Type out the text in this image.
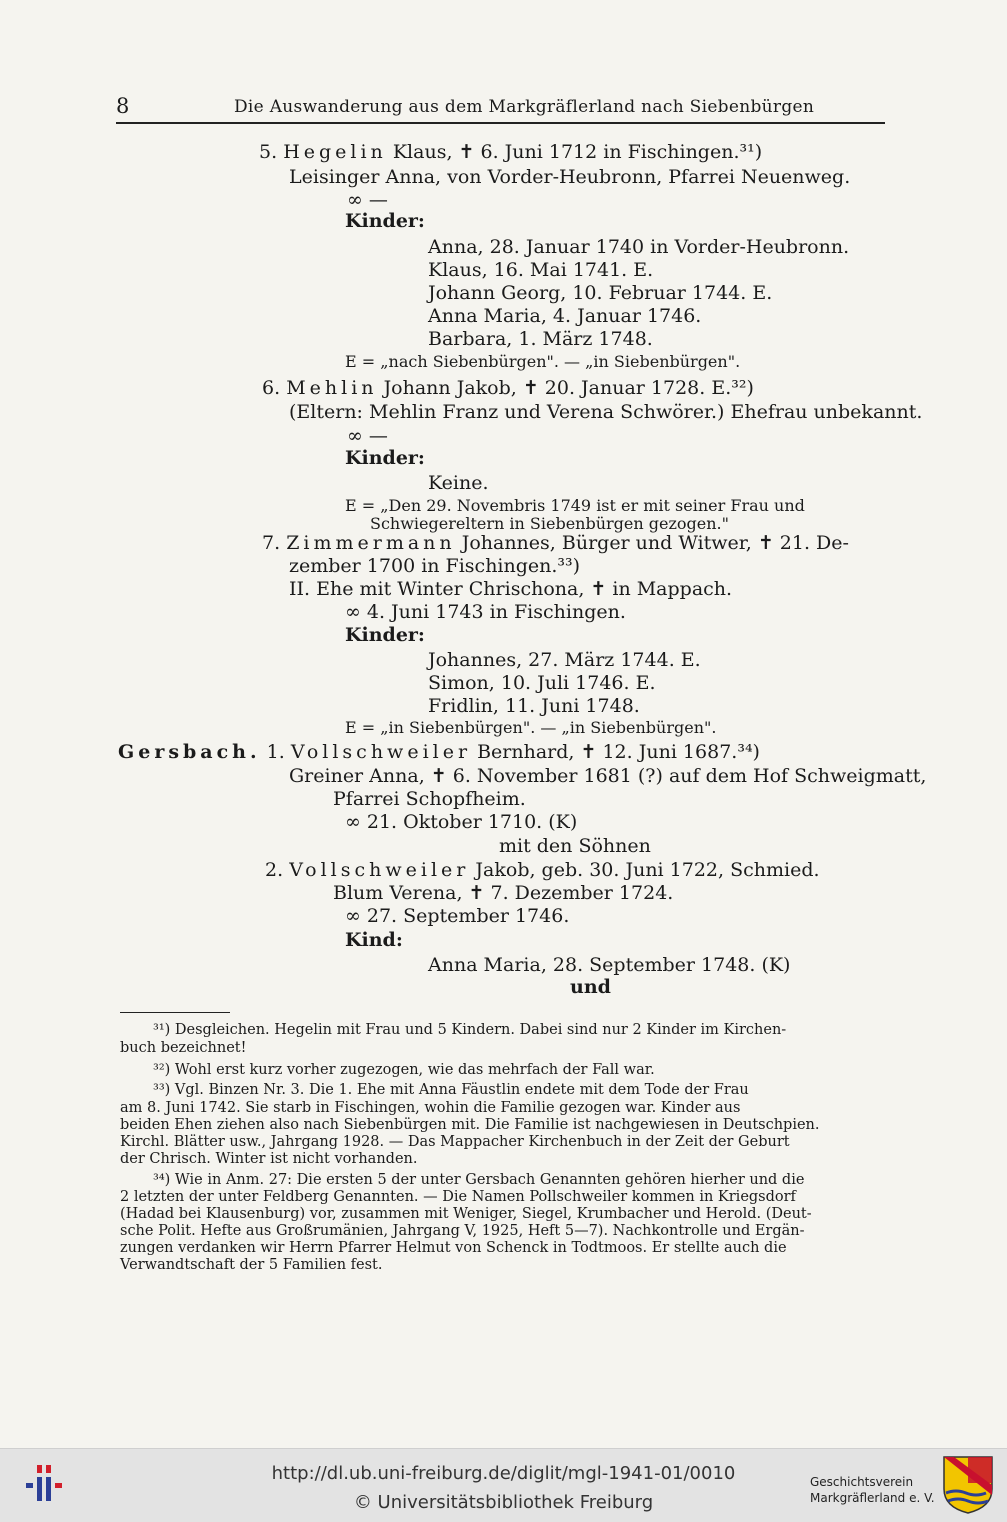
8	Die Auswanderung aus dem Markgräflerland nach Siebenbürgen
5. Hegelin Klaus, ✝ 6. Juni 1712 in Fischingen.³¹)
Leisinger Anna, von Vorder-Heubronn, Pfarrei Neuenweg.
∞ —
Kinder:
Anna, 28. Januar 1740 in Vorder-Heubronn.
Klaus, 16. Mai 1741. E.
Johann Georg, 10. Februar 1744. E.
Anna Maria, 4. Januar 1746.
Barbara, 1. März 1748.
E = „nach Siebenbürgen". — „in Siebenbürgen".
6. Mehlin Johann Jakob, ✝ 20. Januar 1728. E.³²)
(Eltern: Mehlin Franz und Verena Schwörer.) Ehefrau unbekannt.
∞ —
Kinder:
Keine.
E = „Den 29. Novembris 1749 ist er mit seiner Frau und
Schwiegereltern in Siebenbürgen gezogen."
7. Zimmermann Johannes, Bürger und Witwer, ✝ 21. De-
zember 1700 in Fischingen.³³)
II. Ehe mit Winter Chrischona, ✝ in Mappach.
∞ 4. Juni 1743 in Fischingen.
Kinder:
Johannes, 27. März 1744. E.
Simon, 10. Juli 1746. E.
Fridlin, 11. Juni 1748.
E = „in Siebenbürgen". — „in Siebenbürgen".
Gersbach. 1. Vollschweiler Bernhard, ✝ 12. Juni 1687.³⁴)
Greiner Anna, ✝ 6. November 1681 (?) auf dem Hof Schweigmatt,
Pfarrei Schopfheim.
∞ 21. Oktober 1710. (K)
mit den Söhnen
2. Vollschweiler Jakob, geb. 30. Juni 1722, Schmied.
Blum Verena, ✝ 7. Dezember 1724.
∞ 27. September 1746.
Kind:
Anna Maria, 28. September 1748. (K)
und
³¹) Desgleichen. Hegelin mit Frau und 5 Kindern. Dabei sind nur 2 Kinder im Kirchen-
buch bezeichnet!
³²) Wohl erst kurz vorher zugezogen, wie das mehrfach der Fall war.
³³) Vgl. Binzen Nr. 3. Die 1. Ehe mit Anna Fäustlin endete mit dem Tode der Frau
am 8. Juni 1742. Sie starb in Fischingen, wohin die Familie gezogen war. Kinder aus
beiden Ehen ziehen also nach Siebenbürgen mit. Die Familie ist nachgewiesen in Deutschpien.
Kirchl. Blätter usw., Jahrgang 1928. — Das Mappacher Kirchenbuch in der Zeit der Geburt
der Chrisch. Winter ist nicht vorhanden.
³⁴) Wie in Anm. 27: Die ersten 5 der unter Gersbach Genannten gehören hierher und die
2 letzten der unter Feldberg Genannten. — Die Namen Pollschweiler kommen in Kriegsdorf
(Hadad bei Klausenburg) vor, zusammen mit Weniger, Siegel, Krumbacher und Herold. (Deut-
sche Polit. Hefte aus Großrumänien, Jahrgang V, 1925, Heft 5—7). Nachkontrolle und Ergän-
zungen verdanken wir Herrn Pfarrer Helmut von Schenck in Todtmoos. Er stellte auch die
Verwandtschaft der 5 Familien fest.
http://dl.ub.uni-freiburg.de/diglit/mgl-1941-01/0010
© Universitätsbibliothek Freiburg
Geschichtsverein
Markgräflerland e. V.
